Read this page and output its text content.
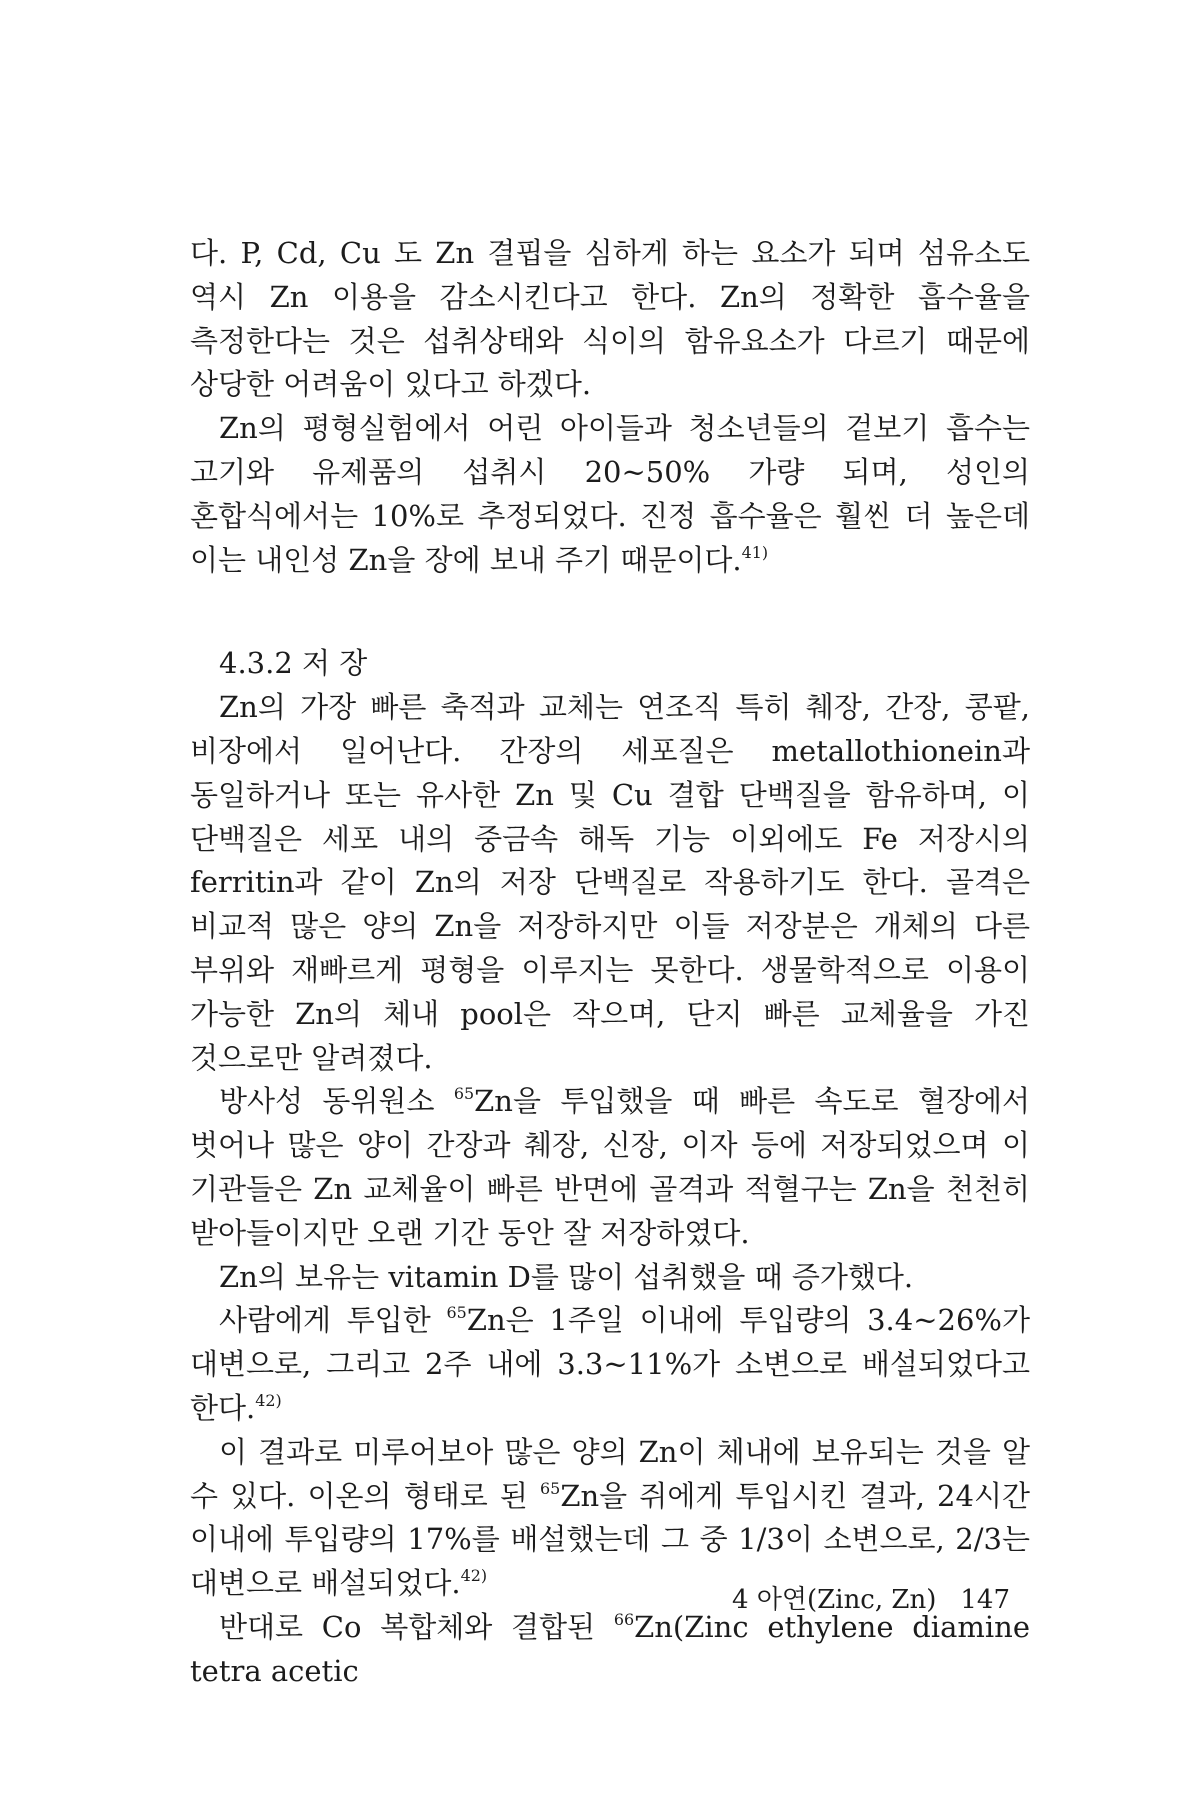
다. P, Cd, Cu 도 Zn 결핍을 심하게 하는 요소가 되며 섬유소도 역시 Zn 이용을 감소시킨다고 한다. Zn의 정확한 흡수율을 측정한다는 것은 섭취상태와 식이의 함유요소가 다르기 때문에 상당한 어려움이 있다고 하겠다.

Zn의 평형실험에서 어린 아이들과 청소년들의 겉보기 흡수는 고기와 유제품의 섭취시 20~50% 가량 되며, 성인의 혼합식에서는 10%로 추정되었다. 진정 흡수율은 훨씬 더 높은데 이는 내인성 Zn을 장에 보내 주기 때문이다.$^{41)}$

4.3.2 저 장

Zn의 가장 빠른 축적과 교체는 연조직 특히 췌장, 간장, 콩팥, 비장에서 일어난다. 간장의 세포질은 metallothionein과 동일하거나 또는 유사한 Zn 및 Cu 결합 단백질을 함유하며, 이 단백질은 세포 내의 중금속 해독 기능 이외에도 Fe 저장시의 ferritin과 같이 Zn의 저장 단백질로 작용하기도 한다. 골격은 비교적 많은 양의 Zn을 저장하지만 이들 저장분은 개체의 다른 부위와 재빠르게 평형을 이루지는 못한다. 생물학적으로 이용이 가능한 Zn의 체내 pool은 작으며, 단지 빠른 교체율을 가진 것으로만 알려졌다.

방사성 동위원소 $^{65}$Zn을 투입했을 때 빠른 속도로 혈장에서 벗어나 많은 양이 간장과 췌장, 신장, 이자 등에 저장되었으며 이 기관들은 Zn 교체율이 빠른 반면에 골격과 적혈구는 Zn을 천천히 받아들이지만 오랜 기간 동안 잘 저장하였다.

Zn의 보유는 vitamin D를 많이 섭취했을 때 증가했다.

사람에게 투입한 $^{65}$Zn은 1주일 이내에 투입량의 3.4~26%가 대변으로, 그리고 2주 내에 3.3~11%가 소변으로 배설되었다고 한다.$^{42)}$

이 결과로 미루어보아 많은 양의 Zn이 체내에 보유되는 것을 알 수 있다. 이온의 형태로 된 $^{65}$Zn을 쥐에게 투입시킨 결과, 24시간 이내에 투입량의 17%를 배설했는데 그 중 1/3이 소변으로, 2/3는 대변으로 배설되었다.$^{42)}$

반대로 Co 복합체와 결합된 $^{66}$Zn(Zinc ethylene diamine tetra acetic

4 아연(Zinc, Zn) 147
